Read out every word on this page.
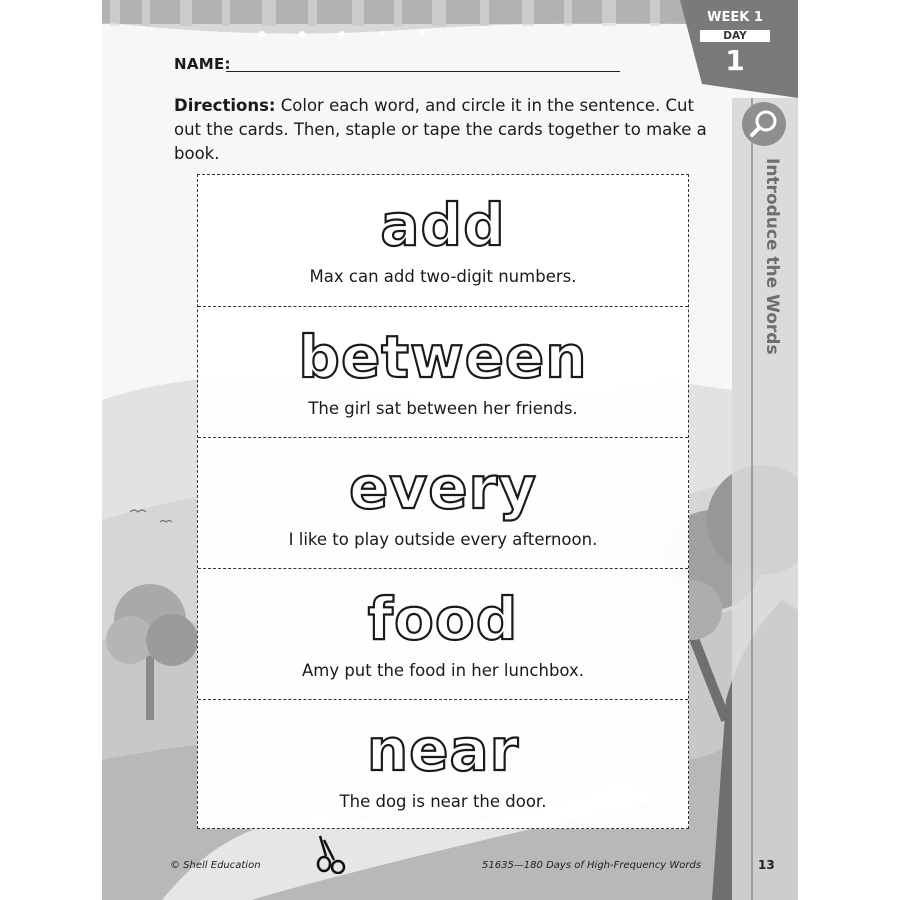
WEEK 1
DAY
1
Introduce the Words
NAME:
Directions: Color each word, and circle it in the sentence. Cut out the cards. Then, staple or tape the cards together to make a book.
add
Max can add two-digit numbers.
between
The girl sat between her friends.
every
I like to play outside every afternoon.
food
Amy put the food in her lunchbox.
near
The dog is near the door.
© Shell Education	51635—180 Days of High-Frequency Words	13
